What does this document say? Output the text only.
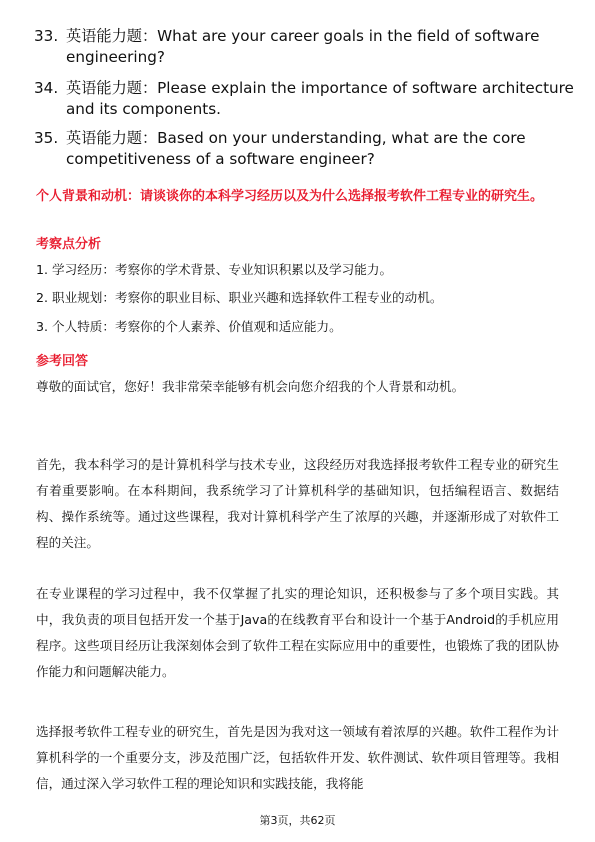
33. 英语能力题：What are your career goals in the field of software engineering?
34. 英语能力题：Please explain the importance of software architecture and its components.
35. 英语能力题：Based on your understanding, what are the core competitiveness of a software engineer?
个人背景和动机：请谈谈你的本科学习经历以及为什么选择报考软件工程专业的研究生。
考察点分析
1. 学习经历：考察你的学术背景、专业知识积累以及学习能力。
2. 职业规划：考察你的职业目标、职业兴趣和选择软件工程专业的动机。
3. 个人特质：考察你的个人素养、价值观和适应能力。
参考回答
尊敬的面试官，您好！我非常荣幸能够有机会向您介绍我的个人背景和动机。
首先，我本科学习的是计算机科学与技术专业，这段经历对我选择报考软件工程专业的研究生有着重要影响。在本科期间，我系统学习了计算机科学的基础知识，包括编程语言、数据结构、操作系统等。通过这些课程，我对计算机科学产生了浓厚的兴趣，并逐渐形成了对软件工程的关注。
在专业课程的学习过程中，我不仅掌握了扎实的理论知识，还积极参与了多个项目实践。其中，我负责的项目包括开发一个基于Java的在线教育平台和设计一个基于Android的手机应用程序。这些项目经历让我深刻体会到了软件工程在实际应用中的重要性，也锻炼了我的团队协作能力和问题解决能力。
选择报考软件工程专业的研究生，首先是因为我对这一领域有着浓厚的兴趣。软件工程作为计算机科学的一个重要分支，涉及范围广泛，包括软件开发、软件测试、软件项目管理等。我相信，通过深入学习软件工程的理论知识和实践技能，我将能
第3页，共62页
